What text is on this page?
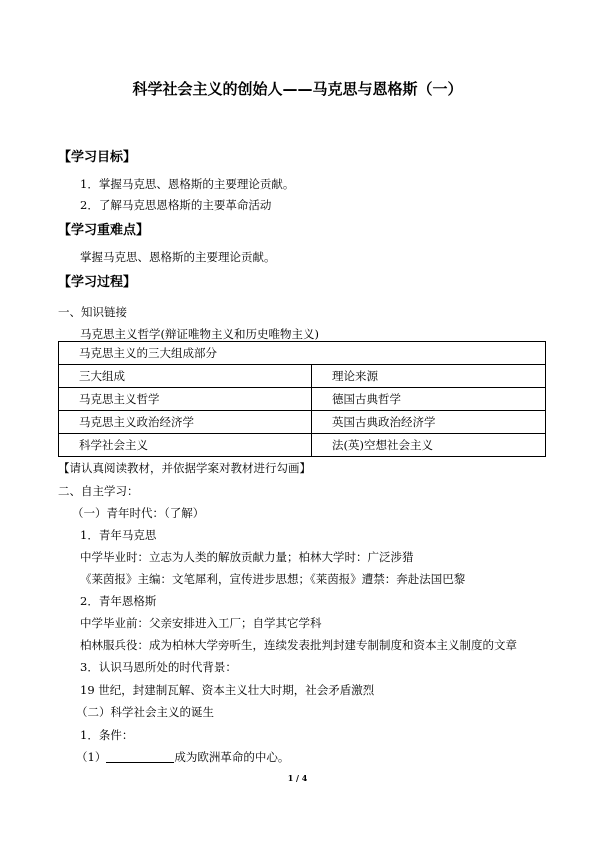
科学社会主义的创始人——马克思与恩格斯（一）
【学习目标】
1．掌握马克思、恩格斯的主要理论贡献。
2．了解马克思恩格斯的主要革命活动
【学习重难点】
掌握马克思、恩格斯的主要理论贡献。
【学习过程】
一、知识链接
马克思主义哲学(辩证唯物主义和历史唯物主义)
马克思主义的三大组成部分	
三大组成	理论来源
马克思主义哲学	德国古典哲学
马克思主义政治经济学	英国古典政治经济学
科学社会主义	法(英)空想社会主义
【请认真阅读教材，并依据学案对教材进行勾画】
二、自主学习：
（一）青年时代：（了解）
1．青年马克思
中学毕业时：立志为人类的解放贡献力量；柏林大学时：广泛涉猎
《莱茵报》主编：文笔犀利，宣传进步思想；《莱茵报》遭禁：奔赴法国巴黎
2．青年恩格斯
中学毕业前：父亲安排进入工厂；自学其它学科
柏林服兵役：成为柏林大学旁听生，连续发表批判封建专制制度和资本主义制度的文章
3．认识马恩所处的时代背景：
19 世纪，封建制瓦解、资本主义壮大时期，社会矛盾激烈
（二）科学社会主义的诞生
1．条件：
（1）	成为欧洲革命的中心。
1 / 4
